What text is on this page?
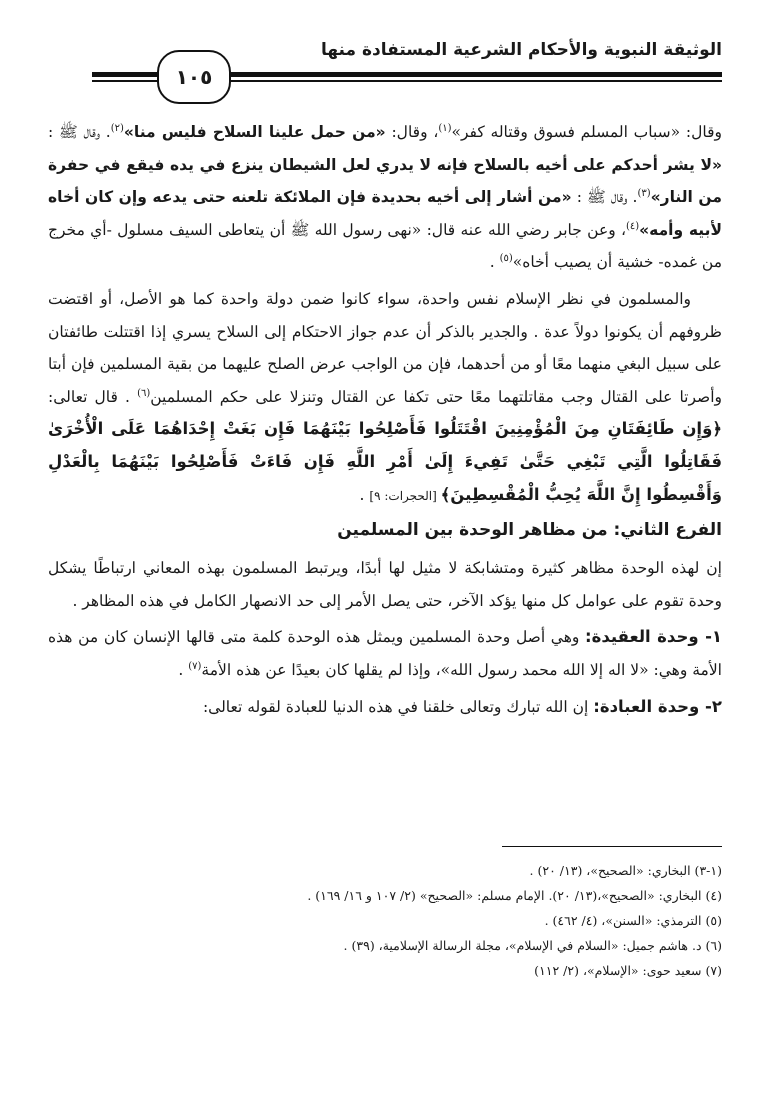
الوثيقة النبوية والأحكام الشرعية المستفادة منها
١٠٥

وقال: «سباب المسلم فسوق وقتاله كفر»$^{(١)}$، وقال: «من حمل علينا السلاح فليس منا»$^{(٢)}$. وقال ﷺ : «لا يشر أحدكم على أخيه بالسلاح فإنه لا يدري لعل الشيطان ينزع في يده فيقع في حفرة من النار»$^{(٣)}$. وقال ﷺ : «من أشار إلى أخيه بحديدة فإن الملائكة تلعنه حتى يدعه وإن كان أخاه لأبيه وأمه»$^{(٤)}$، وعن جابر رضي الله عنه قال: «نهى رسول الله ﷺ أن يتعاطى السيف مسلول -أي مخرج من غمده- خشية أن يصيب أخاه»$^{(٥)}$ .

  والمسلمون في نظر الإسلام نفس واحدة، سواء كانوا ضمن دولة واحدة كما هو الأصل، أو اقتضت ظروفهم أن يكونوا دولاً عدة . والجدير بالذكر أن عدم جواز الاحتكام إلى السلاح يسري إذا اقتتلت طائفتان على سبيل البغي منهما معًا أو من أحدهما، فإن من الواجب عرض الصلح عليهما من بقية المسلمين فإن أبتا وأصرتا على القتال وجب مقاتلتهما معًا حتى تكفا عن القتال وتنزلا على حكم المسلمين$^{(٦)}$ . قال تعالى: ﴿وَإِن طَائِفَتَانِ مِنَ الْمُؤْمِنِينَ اقْتَتَلُوا فَأَصْلِحُوا بَيْنَهُمَا فَإِن بَغَتْ إِحْدَاهُمَا عَلَى الْأُخْرَىٰ فَقَاتِلُوا الَّتِي تَبْغِي حَتَّىٰ تَفِيءَ إِلَىٰ أَمْرِ اللَّهِ فَإِن فَاءَتْ فَأَصْلِحُوا بَيْنَهُمَا بِالْعَدْلِ وَأَقْسِطُوا إِنَّ اللَّهَ يُحِبُّ الْمُقْسِطِينَ﴾ [الحجرات: ٩] .

الفرع الثاني: من مظاهر الوحدة بين المسلمين

إن لهذه الوحدة مظاهر كثيرة ومتشابكة لا مثيل لها أبدًا، ويرتبط المسلمون بهذه المعاني ارتباطًا يشكل وحدة تقوم على عوامل كل منها يؤكد الآخر، حتى يصل الأمر إلى حد الانصهار الكامل في هذه المظاهر .

١- وحدة العقيدة: وهي أصل وحدة المسلمين ويمثل هذه الوحدة كلمة متى قالها الإنسان كان من هذه الأمة وهي: «لا اله إلا الله محمد رسول الله»، وإذا لم يقلها كان بعيدًا عن هذه الأمة$^{(٧)}$ .

٢- وحدة العبادة: إن الله تبارك وتعالى خلقنا في هذه الدنيا للعبادة لقوله تعالى:

(١-٣) البخاري: «الصحيح»، (١٣/ ٢٠) .

(٤) البخاري: «الصحيح»،(١٣/ ٢٠). الإمام مسلم: «الصحيح» (٢/ ١٠٧ و ١٦/ ١٦٩) .

(٥) الترمذي: «السنن»، (٤/ ٤٦٢) .

(٦) د. هاشم جميل: «السلام في الإسلام»، مجلة الرسالة الإسلامية، (٣٩) .

(٧) سعيد حوى: «الإسلام»، (٢/ ١١٢)
